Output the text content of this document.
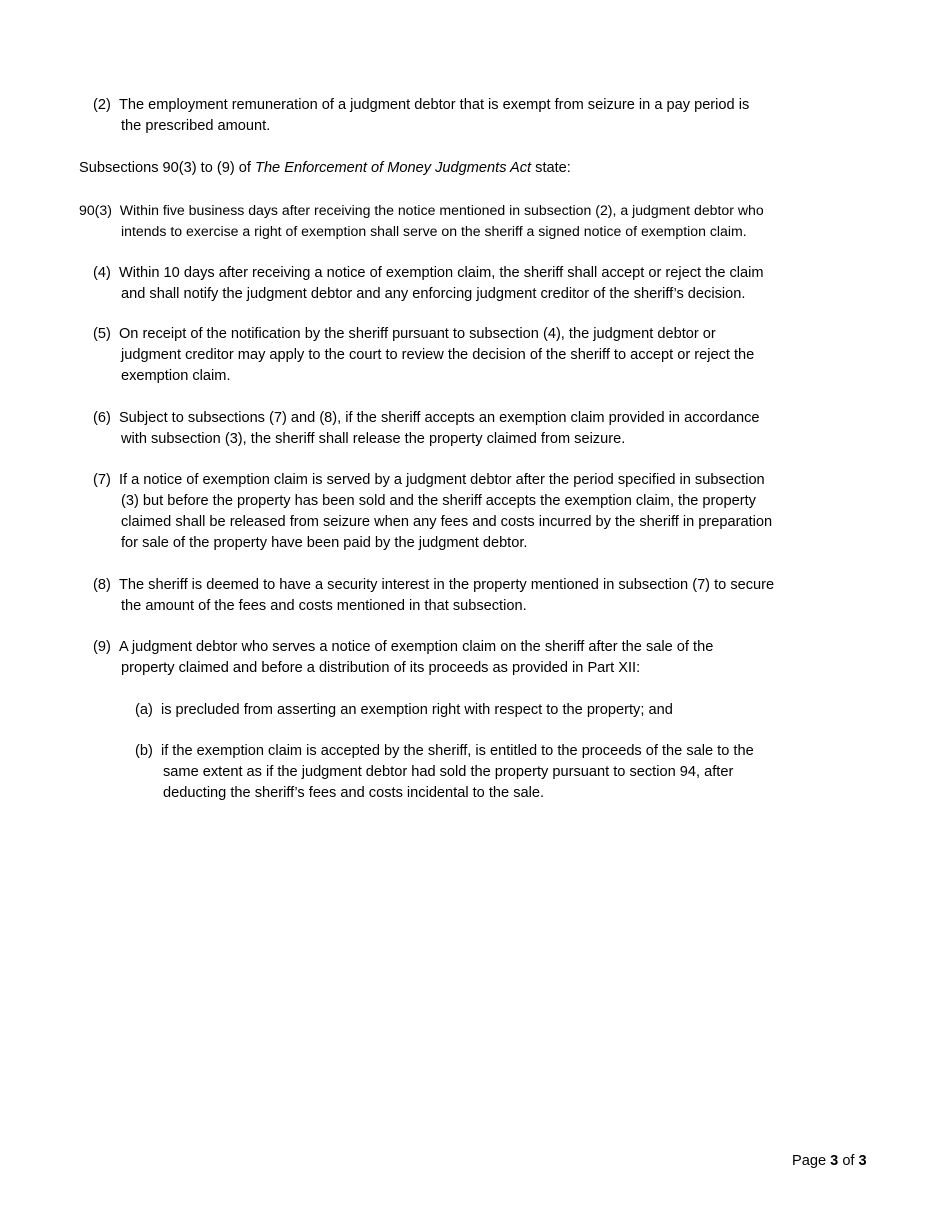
(2) The employment remuneration of a judgment debtor that is exempt from seizure in a pay period is
the prescribed amount.
Subsections 90(3) to (9) of The Enforcement of Money Judgments Act state:
90(3) Within five business days after receiving the notice mentioned in subsection (2), a judgment debtor who
intends to exercise a right of exemption shall serve on the sheriff a signed notice of exemption claim.
(4) Within 10 days after receiving a notice of exemption claim, the sheriff shall accept or reject the claim
and shall notify the judgment debtor and any enforcing judgment creditor of the sheriff’s decision.
(5) On receipt of the notification by the sheriff pursuant to subsection (4), the judgment debtor or
judgment creditor may apply to the court to review the decision of the sheriff to accept or reject the
exemption claim.
(6) Subject to subsections (7) and (8), if the sheriff accepts an exemption claim provided in accordance
with subsection (3), the sheriff shall release the property claimed from seizure.
(7) If a notice of exemption claim is served by a judgment debtor after the period specified in subsection
(3) but before the property has been sold and the sheriff accepts the exemption claim, the property
claimed shall be released from seizure when any fees and costs incurred by the sheriff in preparation
for sale of the property have been paid by the judgment debtor.
(8) The sheriff is deemed to have a security interest in the property mentioned in subsection (7) to secure
the amount of the fees and costs mentioned in that subsection.
(9) A judgment debtor who serves a notice of exemption claim on the sheriff after the sale of the
property claimed and before a distribution of its proceeds as provided in Part XII:
(a) is precluded from asserting an exemption right with respect to the property; and
(b) if the exemption claim is accepted by the sheriff, is entitled to the proceeds of the sale to the
same extent as if the judgment debtor had sold the property pursuant to section 94, after
deducting the sheriff’s fees and costs incidental to the sale.
Page 3 of 3
